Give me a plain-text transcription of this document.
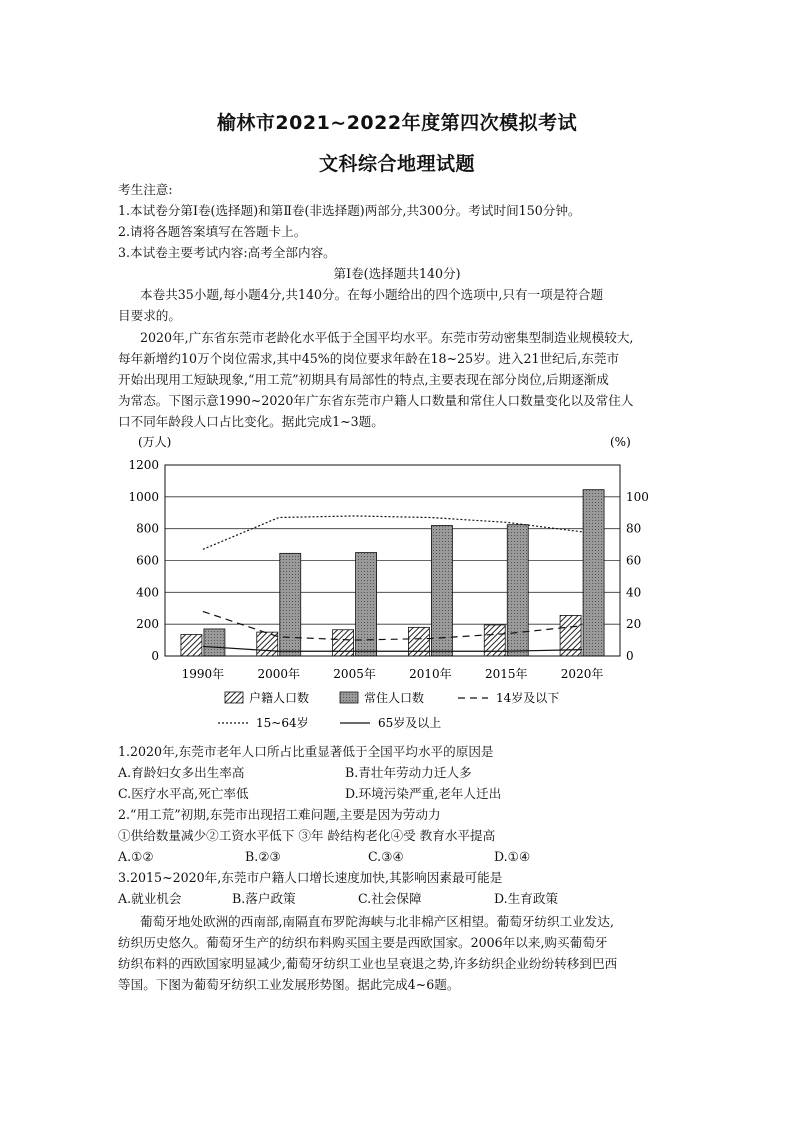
榆林市2021~2022年度第四次模拟考试
文科综合地理试题
考生注意:
1.本试卷分第Ⅰ卷(选择题)和第Ⅱ卷(非选择题)两部分,共300分。考试时间150分钟。
2.请将各题答案填写在答题卡上。
3.本试卷主要考试内容:高考全部内容。
第Ⅰ卷(选择题共140分)
本卷共35小题,每小题4分,共140分。在每小题给出的四个选项中,只有一项是符合题
目要求的。
2020年,广东省东莞市老龄化水平低于全国平均水平。东莞市劳动密集型制造业规模较大,
每年新增约10万个岗位需求,其中45%的岗位要求年龄在18~25岁。进入21世纪后,东莞市
开始出现用工短缺现象,“用工荒”初期具有局部性的特点,主要表现在部分岗位,后期逐渐成
为常态。下图示意1990~2020年广东省东莞市户籍人口数量和常住人口数量变化以及常住人
口不同年龄段人口占比变化。据此完成1~3题。
(万人)	(%)
0
200
400
600
800
1000
1200
0
20
40
60
80
100
1990年	2000年	2005年	2010年	2015年	2020年
户籍人口数	常住人口数	14岁及以下
15~64岁	65岁及以上
1.2020年,东莞市老年人口所占比重显著低于全国平均水平的原因是
A.育龄妇女多出生率高	B.青壮年劳动力迁人多
C.医疗水平高,死亡率低	D.环境污染严重,老年人迁出
2.“用工荒”初期,东莞市出现招工难问题,主要是因为劳动力
①供给数量减少②工资水平低下 ③年 龄结构老化④受 教育水平提高
A.①②	B.②③	C.③④	D.①④
3.2015~2020年,东莞市户籍人口增长速度加快,其影响因素最可能是
A.就业机会	B.落户政策	C.社会保障	D.生育政策
葡萄牙地处欧洲的西南部,南隔直布罗陀海峡与北非棉产区相望。葡萄牙纺织工业发达,
纺织历史悠久。葡萄牙生产的纺织布料购买国主要是西欧国家。2006年以来,购买葡萄牙
纺织布料的西欧国家明显减少,葡萄牙纺织工业也呈衰退之势,许多纺织企业纷纷转移到巴西
等国。下图为葡萄牙纺织工业发展形势图。据此完成4~6题。
